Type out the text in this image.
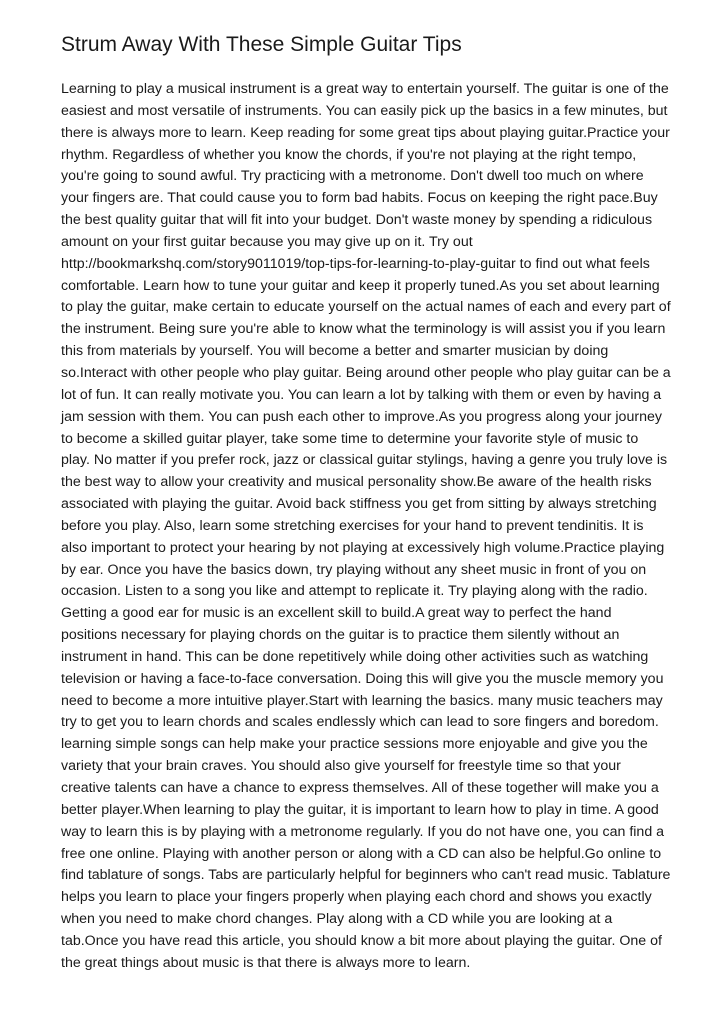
Strum Away With These Simple Guitar Tips

Learning to play a musical instrument is a great way to entertain yourself. The guitar is one of the easiest and most versatile of instruments. You can easily pick up the basics in a few minutes, but there is always more to learn. Keep reading for some great tips about playing guitar.Practice your rhythm. Regardless of whether you know the chords, if you're not playing at the right tempo, you're going to sound awful. Try practicing with a metronome. Don't dwell too much on where your fingers are. That could cause you to form bad habits. Focus on keeping the right pace.Buy the best quality guitar that will fit into your budget. Don't waste money by spending a ridiculous amount on your first guitar because you may give up on it. Try out http://bookmarkshq.com/story9011019/top-tips-for-learning-to-play-guitar to find out what feels comfortable. Learn how to tune your guitar and keep it properly tuned.As you set about learning to play the guitar, make certain to educate yourself on the actual names of each and every part of the instrument. Being sure you're able to know what the terminology is will assist you if you learn this from materials by yourself. You will become a better and smarter musician by doing so.Interact with other people who play guitar. Being around other people who play guitar can be a lot of fun. It can really motivate you. You can learn a lot by talking with them or even by having a jam session with them. You can push each other to improve.As you progress along your journey to become a skilled guitar player, take some time to determine your favorite style of music to play. No matter if you prefer rock, jazz or classical guitar stylings, having a genre you truly love is the best way to allow your creativity and musical personality show.Be aware of the health risks associated with playing the guitar. Avoid back stiffness you get from sitting by always stretching before you play. Also, learn some stretching exercises for your hand to prevent tendinitis. It is also important to protect your hearing by not playing at excessively high volume.Practice playing by ear. Once you have the basics down, try playing without any sheet music in front of you on occasion. Listen to a song you like and attempt to replicate it. Try playing along with the radio. Getting a good ear for music is an excellent skill to build.A great way to perfect the hand positions necessary for playing chords on the guitar is to practice them silently without an instrument in hand. This can be done repetitively while doing other activities such as watching television or having a face-to-face conversation. Doing this will give you the muscle memory you need to become a more intuitive player.Start with learning the basics. many music teachers may try to get you to learn chords and scales endlessly which can lead to sore fingers and boredom. learning simple songs can help make your practice sessions more enjoyable and give you the variety that your brain craves. You should also give yourself for freestyle time so that your creative talents can have a chance to express themselves. All of these together will make you a better player.When learning to play the guitar, it is important to learn how to play in time. A good way to learn this is by playing with a metronome regularly. If you do not have one, you can find a free one online. Playing with another person or along with a CD can also be helpful.Go online to find tablature of songs. Tabs are particularly helpful for beginners who can't read music. Tablature helps you learn to place your fingers properly when playing each chord and shows you exactly when you need to make chord changes. Play along with a CD while you are looking at a tab.Once you have read this article, you should know a bit more about playing the guitar. One of the great things about music is that there is always more to learn.
